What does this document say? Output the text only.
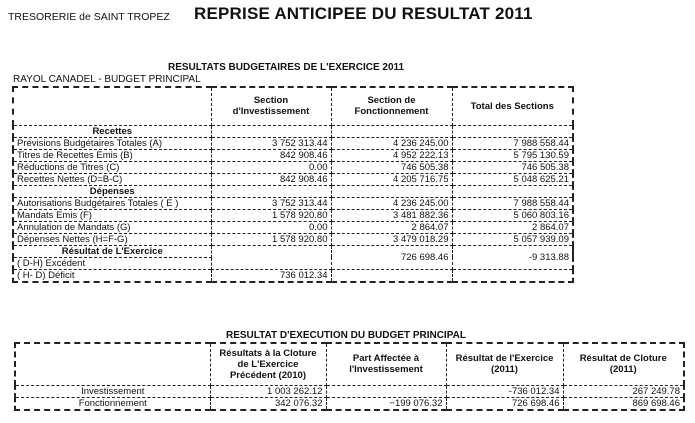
TRESORERIE de SAINT TROPEZ REPRISE ANTICIPEE DU RESULTAT 2011
RESULTATS BUDGETAIRES DE L'EXERCICE 2011
RAYOL CANADEL - BUDGET PRINCIPAL
	Section d'Investissement	Section de Fonctionnement	Total des Sections
Recettes			
Prévisions Budgétaires Totales (A)	3 752 313.44	4 236 245.00	7 988 558.44
Titres de Recettes Emis (B)	842 908.46	4 952 222.13	5 795 130.59
Réductions de Titres (C)	0.00	746 505.38	746 505.38
Recettes Nettes (D=B-C)	842 908.46	4 205 716.75	5 048 625.21
Dépenses			
Autorisations Budgétaires Totales ( E )	3 752 313.44	4 236 245.00	7 988 558.44
Mandats Emis (F)	1 578 920.80	3 481 882.36	5 060 803.16
Annulation de Mandats (G)	0.00	2 864.07	2 864.07
Dépenses Nettes (H=F-G)	1 578 920.80	3 479 018.29	5 057 939.09
Résultat de L'Exercice		726 698.46	-9 313.88
( D-H) Excédent			
( H- D) Déficit	736 012.34		
RESULTAT D'EXECUTION DU BUDGET PRINCIPAL
	Résultats à la Cloture de L'Exercice Précédent (2010)	Part Affectée à l'Investissement	Résultat de l'Exercice (2011)	Résultat de Cloture (2011)
Investissement	1 003 262.12		-736 012.34	267 249.78
Fonctionnement	342 076.32	−199 076.32	726 698.46	869 698.46
